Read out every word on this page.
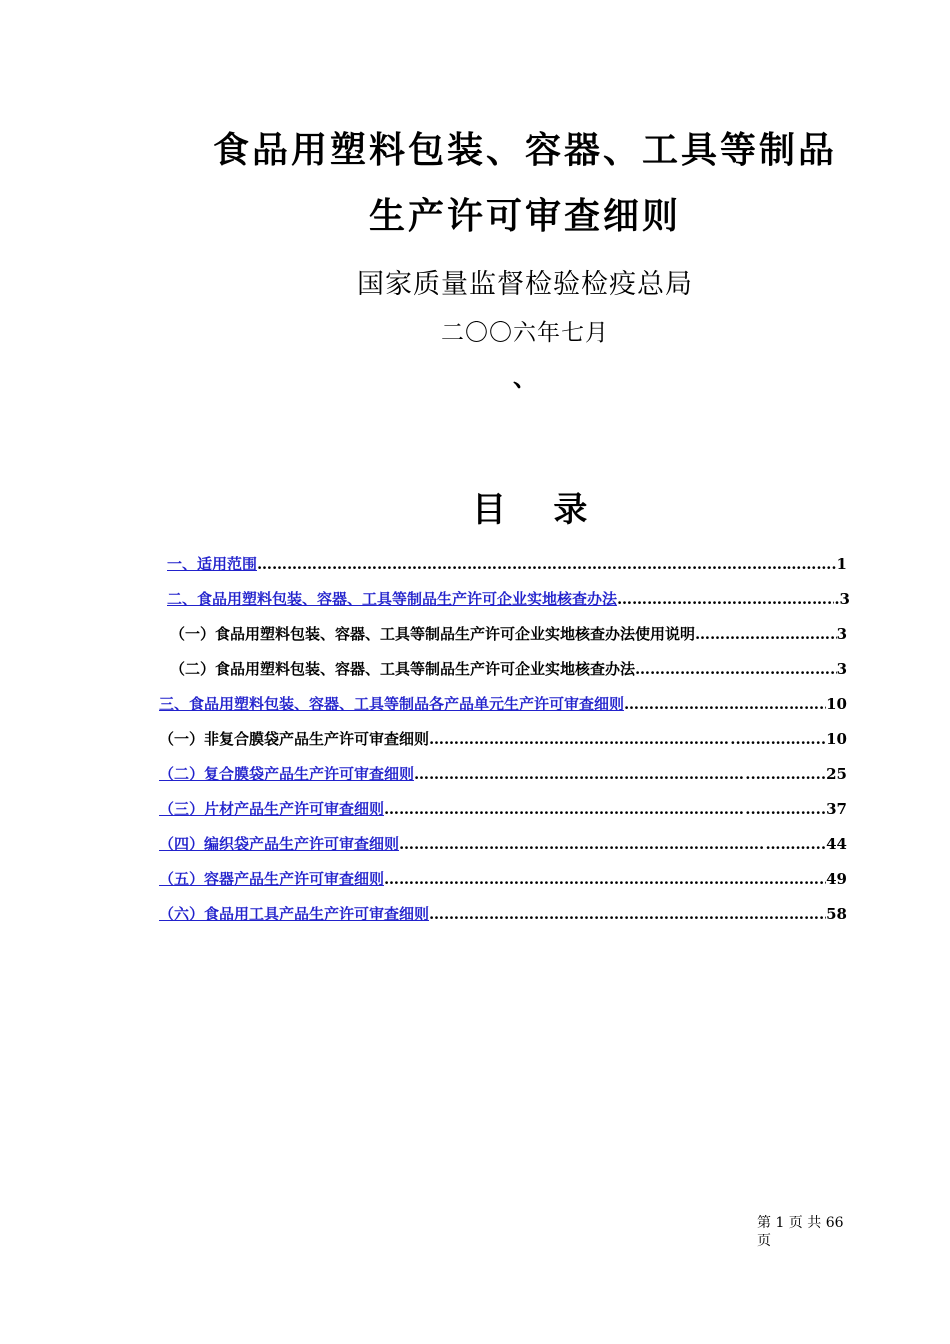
食品用塑料包装、容器、工具等制品
生产许可审查细则
国家质量监督检验检疫总局
二〇〇六年七月
、
目    录
一、适用范围 ………………………………………………………………………………………………………………………………………………………………………………………………………………	……….1
二、食品用塑料包装、容器、工具等制品生产许可企业实地核查办法 ………………………………………………………………………………………………………………………………………………………………………………………………………………	.3
（一）食品用塑料包装、容器、工具等制品生产许可企业实地核查办法使用说明 ………………………………………………………………………………………………………………………………………………………………………………………………………………	3
（二）食品用塑料包装、容器、工具等制品生产许可企业实地核查办法 ………………………………………………………………………………………………………………………………………………………………………………………………………………	3
三、食品用塑料包装、容器、工具等制品各产品单元生产许可审查细则 ………………………………………………………………………………………………………………………………………………………………………………………………………………	10
（一）非复合膜袋产品生产许可审查细则 ………………………………………………………………………………………………………………………………………………………………………………………………………………	..……………..10
（二）复合膜袋产品生产许可审查细则 ………………………………………………………………………………………………………………………………………………………………………………………………………………	..…………..25
（三）片材产品生产许可审查细则 ………………………………………………………………………………………………………………………………………………………………………………………………………………	..…………..37
（四）编织袋产品生产许可审查细则 ………………………………………………………………………………………………………………………………………………………………………………………………………………	………...44
（五）容器产品生产许可审查细则 ………………………………………………………………………………………………………………………………………………………………………………………………………………	49
（六）食品用工具产品生产许可审查细则 ………………………………………………………………………………………………………………………………………………………………………………………………………………	58
第 1 页 共 66
页
